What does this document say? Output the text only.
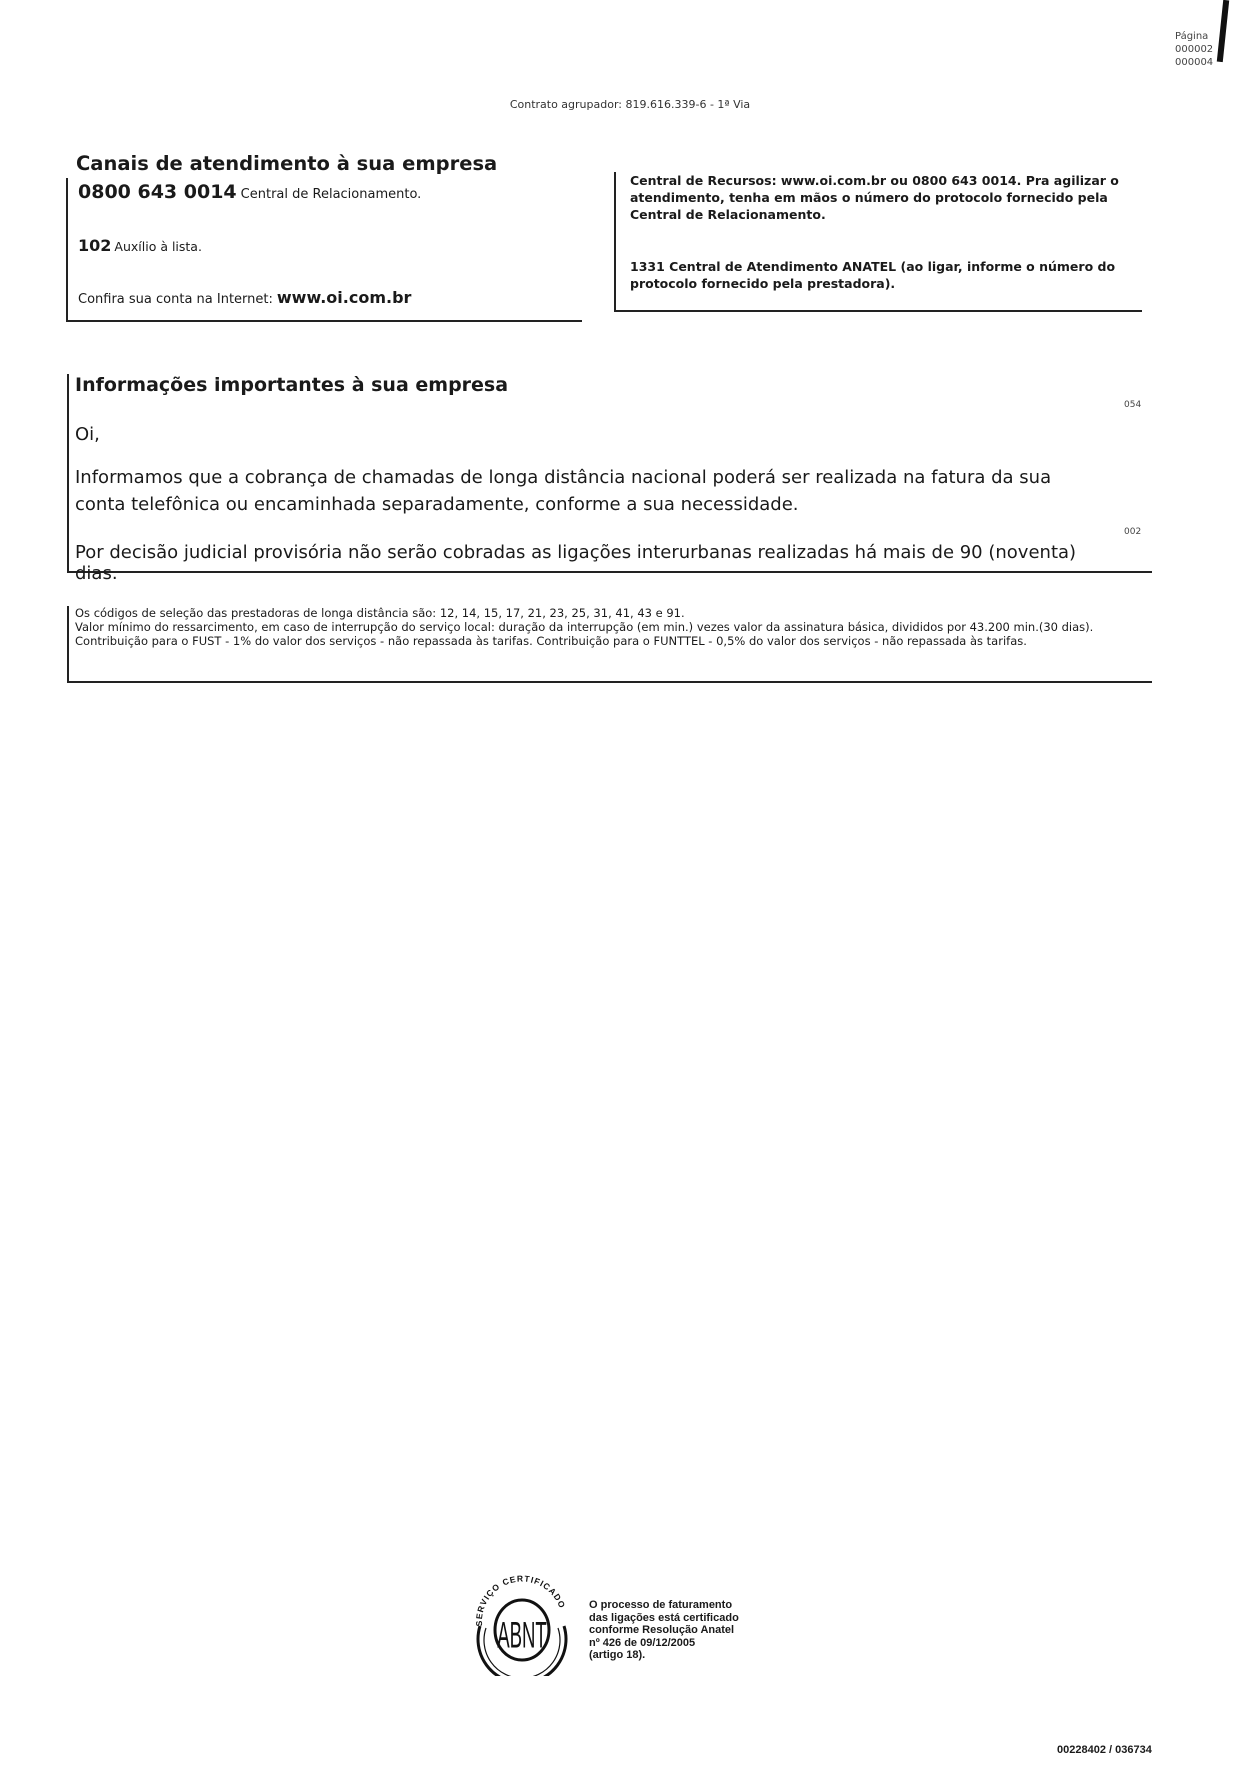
Página
000002
000004
Contrato agrupador: 819.616.339-6 - 1ª Via
Canais de atendimento à sua empresa
0800 643 0014 Central de Relacionamento.
102 Auxílio à lista.
Confira sua conta na Internet: www.oi.com.br
Central de Recursos: www.oi.com.br ou 0800 643 0014. Pra agilizar o atendimento, tenha em mãos o número do protocolo fornecido pela Central de Relacionamento.
1331 Central de Atendimento ANATEL (ao ligar, informe o número do protocolo fornecido pela prestadora).
Informações importantes à sua empresa
Oi,
Informamos que a cobrança de chamadas de longa distância nacional poderá ser realizada na fatura da sua conta telefônica ou encaminhada separadamente, conforme a sua necessidade.
Por decisão judicial provisória não serão cobradas as ligações interurbanas realizadas há mais de 90 (noventa) dias.
054
002
Os códigos de seleção das prestadoras de longa distância são: 12, 14, 15, 17, 21, 23, 25, 31, 41, 43 e 91.
Valor mínimo do ressarcimento, em caso de interrupção do serviço local: duração da interrupção (em min.) vezes valor da assinatura básica, divididos por 43.200 min.(30 dias).
Contribuição para o FUST - 1% do valor dos serviços - não repassada às tarifas. Contribuição para o FUNTTEL - 0,5% do valor dos serviços - não repassada às tarifas.
SERVIÇO CERTIFICADO
ABNT
O processo de faturamento
das ligações está certificado
conforme Resolução Anatel
nº 426 de 09/12/2005
(artigo 18).
00228402 / 036734
